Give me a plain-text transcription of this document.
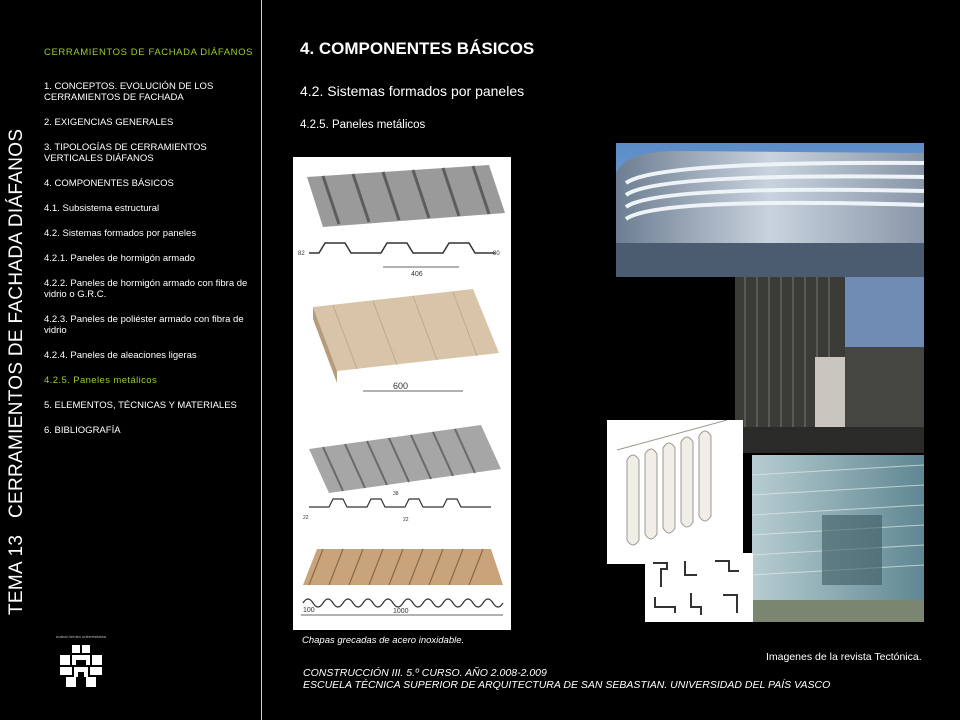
TEMA 13   CERRAMIENTOS DE FACHADA DIÁFANOS
CERRAMIENTOS DE FACHADA DIÁFANOS
1. CONCEPTOS. EVOLUCIÓN DE LOS CERRAMIENTOS DE FACHADA
2. EXIGENCIAS GENERALES
3. TIPOLOGÍAS DE CERRAMIENTOS VERTICALES DIÁFANOS
4. COMPONENTES BÁSICOS
4.1. Subsistema estructural
4.2. Sistemas formados por paneles
4.2.1. Paneles de hormigón armado
4.2.2. Paneles de hormigón armado con fibra de vidrio o G.R.C.
4.2.3. Paneles de poliéster armado con fibra de vidrio
4.2.4. Paneles de aleaciones ligeras
4.2.5. Paneles metálicos
5. ELEMENTOS, TÉCNICAS Y MATERIALES
6. BIBLIOGRAFÍA
euskal herriko unibertsitatea
4. COMPONENTES BÁSICOS
4.2. Sistemas formados por paneles
4.2.5. Paneles metálicos
406
82	80
600
38
22
22
100	1000
Chapas grecadas de acero inoxidable.
Imagenes de la revista Tectónica.
CONSTRUCCIÓN III. 5.º CURSO. AÑO 2.008-2.009
ESCUELA TÉCNICA SUPERIOR DE ARQUITECTURA DE SAN SEBASTIAN. UNIVERSIDAD DEL PAÍS VASCO
